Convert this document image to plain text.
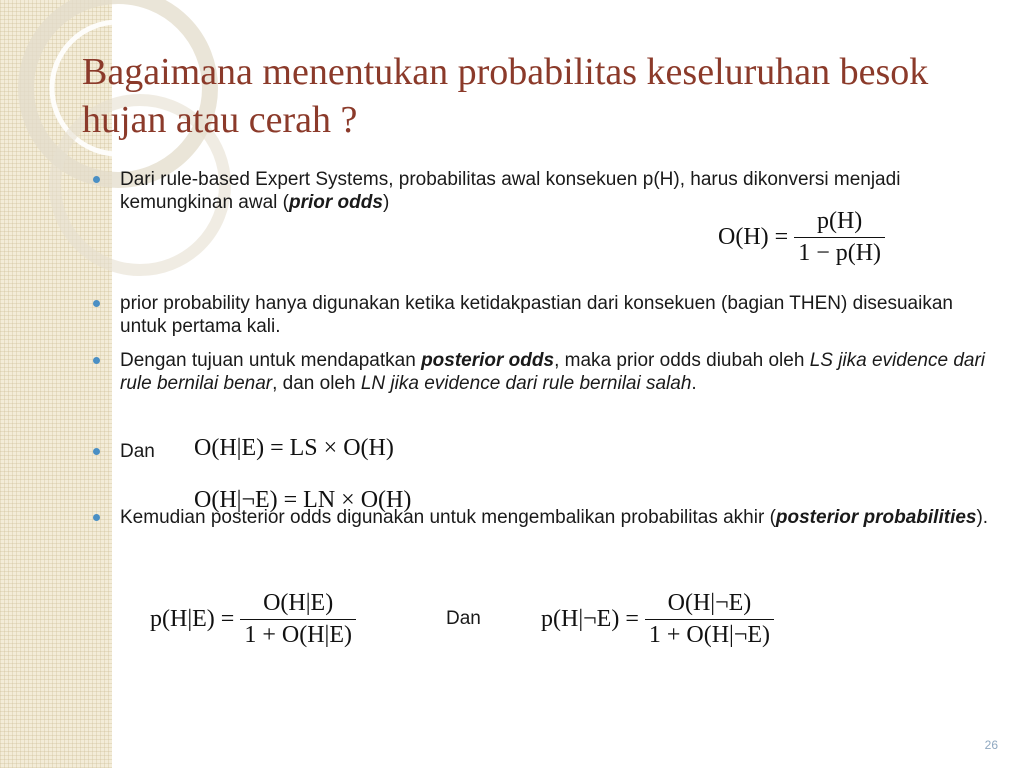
Bagaimana menentukan probabilitas keseluruhan besok hujan atau cerah ?
Dari rule-based Expert Systems, probabilitas awal konsekuen p(H), harus dikonversi menjadi kemungkinan awal (prior odds)
$O(H) = \frac{p(H)}{1 - p(H)}$
prior probability hanya digunakan ketika ketidakpastian dari konsekuen (bagian THEN) disesuaikan untuk pertama kali.
Dengan tujuan untuk mendapatkan posterior odds, maka prior odds diubah oleh LS jika evidence dari rule bernilai benar, dan oleh LN jika evidence dari rule bernilai salah.
Dan	O(H|E) = LS × O(H)
Kemudian posterior odds digunakan untuk mengembalikan probabilitas akhir (posterior probabilities).
O(H|¬E) = LN × O(H)
$p(H|E) = \frac{O(H|E)}{1 + O(H|E)}$	Dan	p(H|¬E) = $\frac{O(H|\neg E)}{1 + O(H|\neg E)}$
26
